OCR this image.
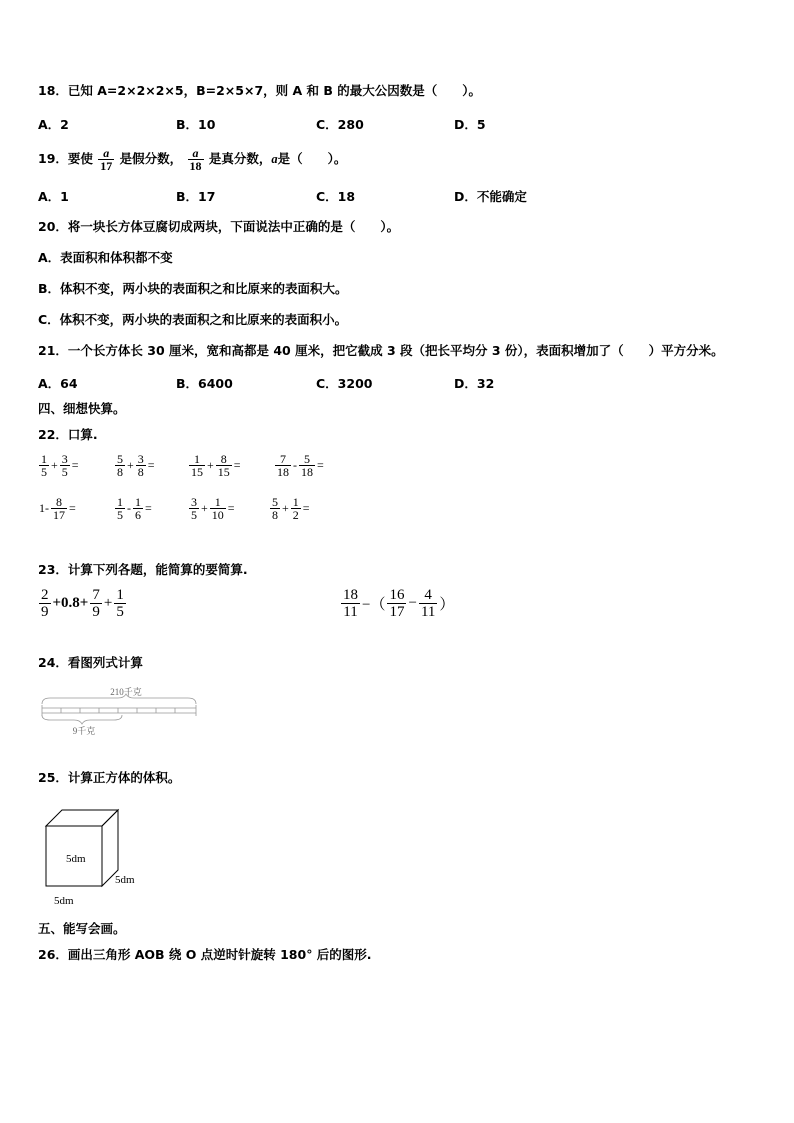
18．已知 A=2×2×2×5，B=2×5×7，则 A 和 B 的最大公因数是（　　）。
A．2	B．10	C．280	D．5
19．要使 $\frac{a}{17}$ 是假分数， $\frac{a}{18}$ 是真分数，a是（　　）。
A．1	B．17	C．18	D．不能确定
20．将一块长方体豆腐切成两块，下面说法中正确的是（　　）。
A．表面积和体积都不变
B．体积不变，两小块的表面积之和比原来的表面积大。
C．体积不变，两小块的表面积之和比原来的表面积小。
21．一个长方体长 30 厘米，宽和高都是 40 厘米，把它截成 3 段（把长平均分 3 份），表面积增加了（　　）平方分米。
A．64	B．6400	C．3200	D．32
四、细想快算。
22．口算.
$\frac{1}{5} + \frac{3}{5}$ =	$\frac{5}{8} + \frac{3}{8}$ =	$\frac{1}{15} + \frac{8}{15}$ =	$\frac{7}{18} - \frac{5}{18}$ =
$1- \frac{8}{17}$ =	$\frac{1}{5} - \frac{1}{6}$ =	$\frac{3}{5} + \frac{1}{10}$ =	$\frac{5}{8} + \frac{1}{2}$ =
23．计算下列各题，能简算的要简算.
$\frac{2}{9} +0.8+ \frac{7}{9} + \frac{1}{5}$	$\frac{18}{11}$ −（ $\frac{16}{17} - \frac{4}{11}$ ）
24．看图列式计算
210千克
9千克
25．计算正方体的体积。
5dm
5dm
5dm
五、能写会画。
26．画出三角形 AOB 绕 O 点逆时针旋转 180° 后的图形.
